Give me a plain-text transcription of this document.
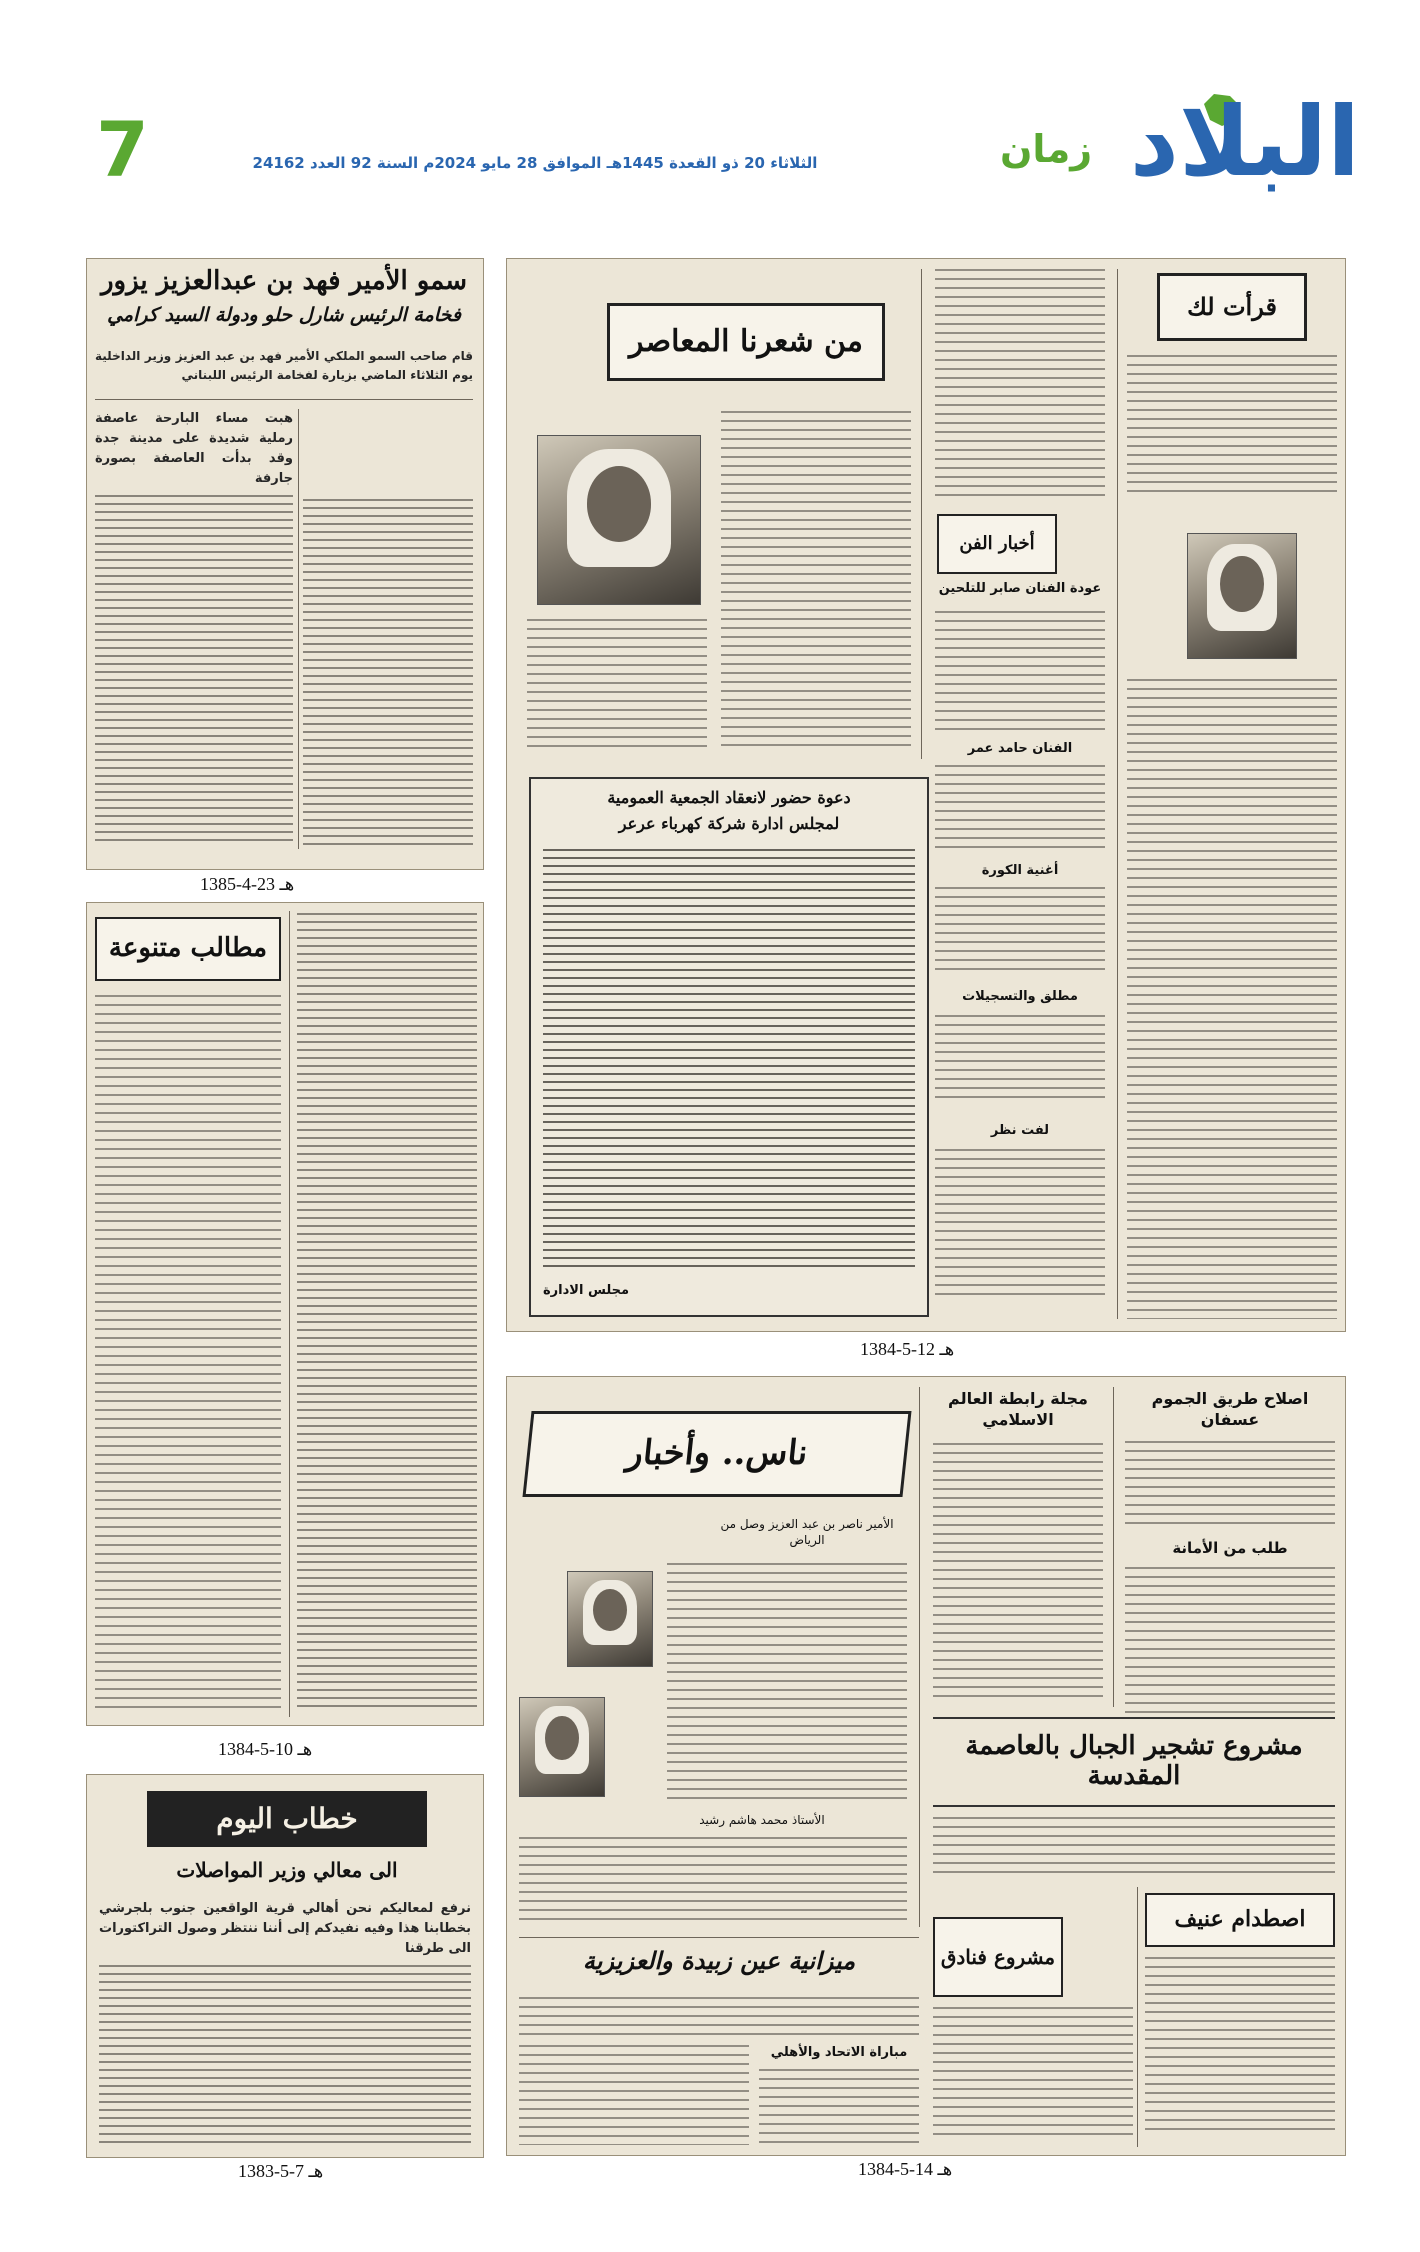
7	الثلاثاء 20 ذو القعدة 1445هـ الموافق 28 مايو 2024م السنة 92 العدد 24162	زمان البلاد
سمو الأمير فهد بن عبدالعزيز يزور
فخامة الرئيس شارل حلو ودولة السيد كرامي
قام صاحب السمو الملكي الأمير فهد بن عبد العزيز وزير الداخلية يوم الثلاثاء الماضي بزيارة لفخامة الرئيس اللبناني
هبت مساء البارحة عاصفة رملية شديدة على مدينة جدة وقد بدأت العاصفة بصورة جارفة
1385-4-23 هـ
مطالب متنوعة
1384-5-10 هـ
خطاب اليوم
الى معالي وزير المواصلات
نرفع لمعاليكم نحن أهالي قرية الواقعين جنوب بلجرشي بخطابنا هذا وفيه نفيدكم إلى أننا ننتظر وصول التراكتورات الى طرقنا
1383-5-7 هـ
من شعرنا المعاصر
أخبار الفن
عودة الفنان صابر للتلحين
الفنان حامد عمر
أغنية الكورة
مطلق والتسجيلات
لفت نظر
قرأت لك
دعوة حضور لانعقاد الجمعية العمومية
لمجلس ادارة شركة كهرباء عرعر
مجلس الادارة
1384-5-12 هـ
ناس.. وأخبار
الأمير ناصر بن عبد العزيز وصل من الرياض
الأستاذ محمد هاشم رشيد
مجلة رابطة العالم الاسلامي
اصلاح طريق الجموم عسفان
طلب من الأمانة
مشروع تشجير الجبال بالعاصمة المقدسة
اصطدام عنيف
مشروع فنادق
ميزانية عين زبيدة والعزيزية
مباراة الاتحاد والأهلي
1384-5-14 هـ
